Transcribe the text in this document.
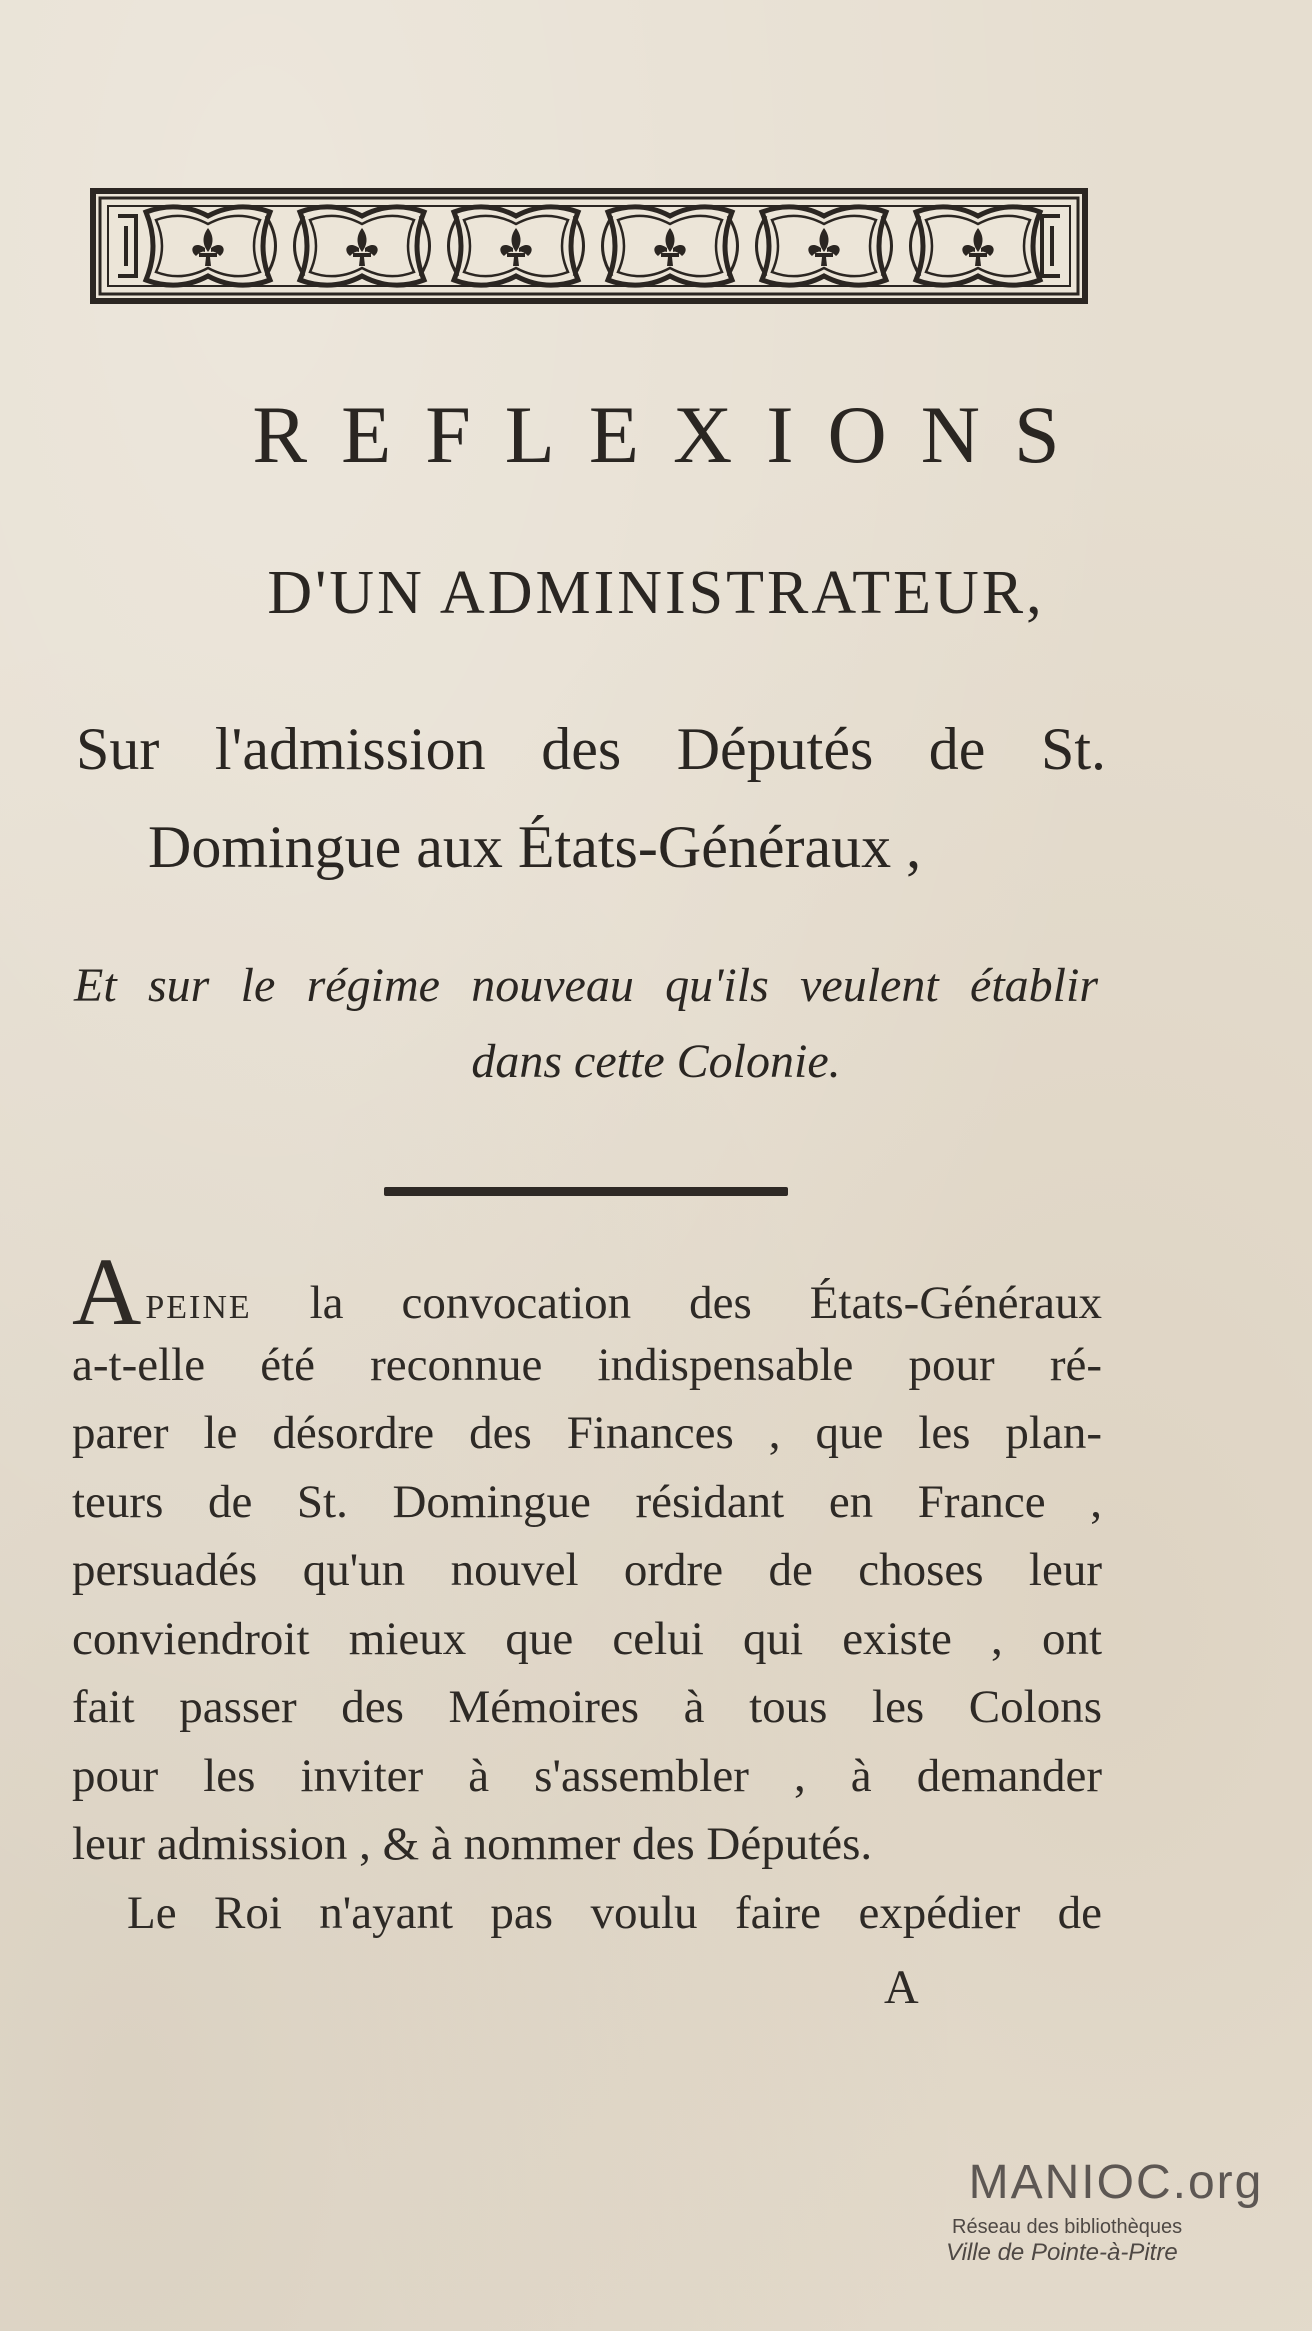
REFLEXIONS
D'UN ADMINISTRATEUR,
Sur l'admission des Députés de St.
Domingue aux États-Généraux ,
Et sur le régime nouveau qu'ils veulent établir
dans cette Colonie.
APEINE la convocation des États-Généraux
a-t-elle été reconnue indispensable pour ré-
parer le désordre des Finances , que les plan-
teurs de St. Domingue résidant en France ,
persuadés qu'un nouvel ordre de choses leur
conviendroit mieux que celui qui existe , ont
fait passer des Mémoires à tous les Colons
pour les inviter à s'assembler , à demander
leur admission , & à nommer des Députés.
Le Roi n'ayant pas voulu faire expédier de
A
MANIOC.org
Réseau des bibliothèques
Ville de Pointe-à-Pitre
